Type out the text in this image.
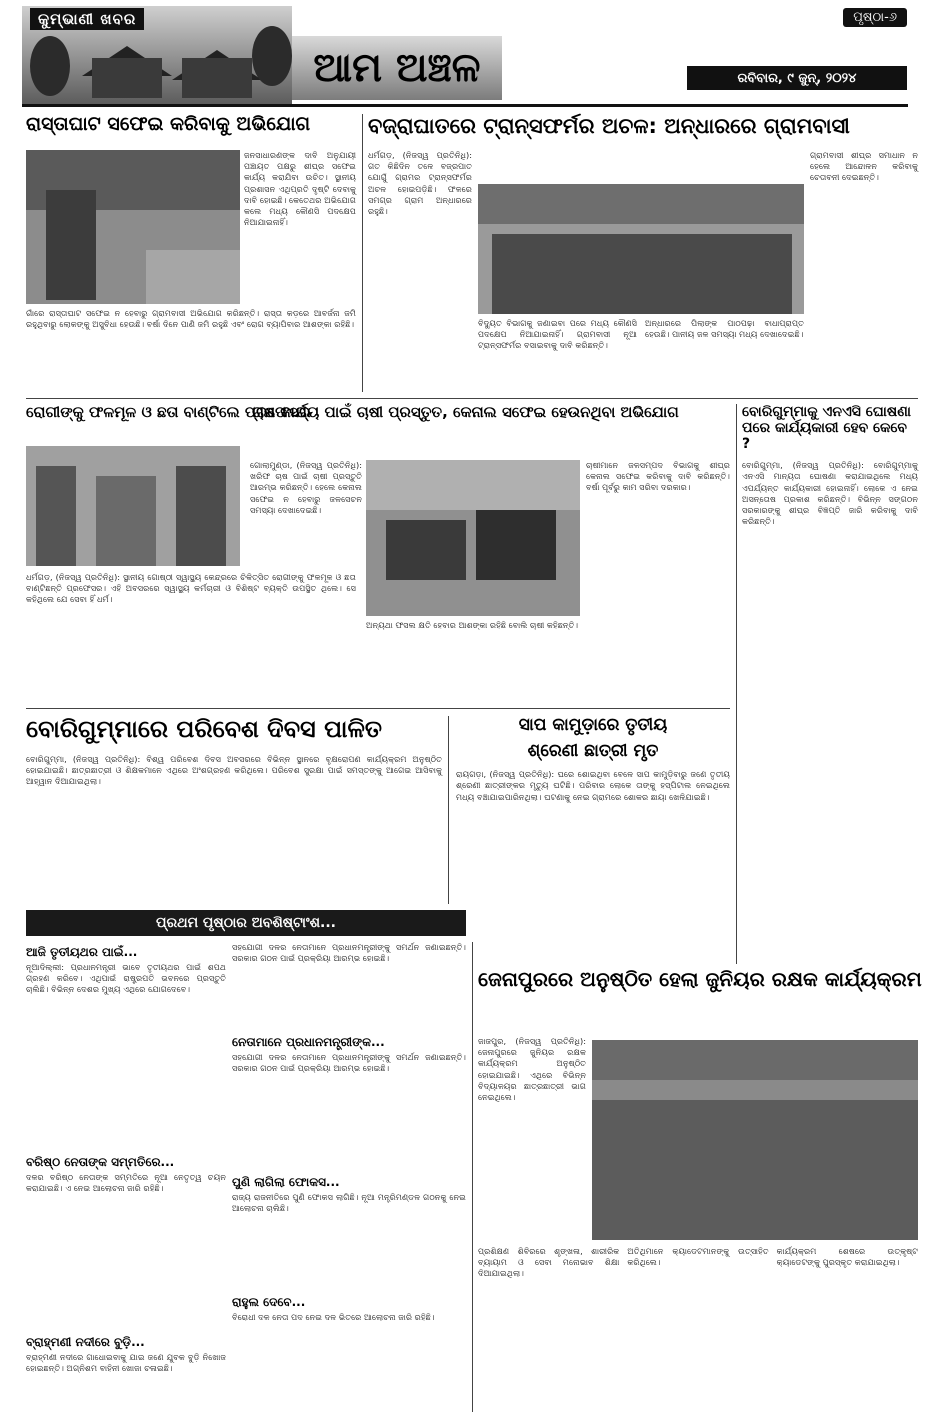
କୁମ୍ଭାଣୀ ଖବର
ଆମ ଅଞ୍ଚଳ
ପୃଷ୍ଠା-୬
ରବିବାର, ୯ ଜୁନ୍, ୨୦୨୪
ରାସ୍ତାଘାଟ ସଫେଇ କରିବାକୁ ଅଭିଯୋଗ
ଜନସାଧାରଣଙ୍କ ଦାବି ଅନୁଯାୟୀ ପଞ୍ଚାୟତ ପକ୍ଷରୁ ଶୀଘ୍ର ସଫେଇ କାର୍ଯ୍ୟ କରାଯିବା ଉଚିତ। ସ୍ଥାନୀୟ ପ୍ରଶାସନ ଏଥିପ୍ରତି ଦୃଷ୍ଟି ଦେବାକୁ ଦାବି ହୋଇଛି। କେତେଥର ଅଭିଯୋଗ କଲେ ମଧ୍ୟ କୌଣସି ପଦକ୍ଷେପ ନିଆଯାଇନାହିଁ।
ଗାଁରେ ରାସ୍ତାଘାଟ ସଫେଇ ନ ହେବାରୁ ଗ୍ରାମବାସୀ ଅଭିଯୋଗ କରିଛନ୍ତି। ରାସ୍ତା କଡ଼ରେ ଆବର୍ଜନା ଜମି ରହୁଥିବାରୁ ଲୋକଙ୍କୁ ଅସୁବିଧା ହେଉଛି। ବର୍ଷା ଦିନେ ପାଣି ଜମି ରହୁଛି ଏବଂ ରୋଗ ବ୍ୟାପିବାର ଆଶଙ୍କା ରହିଛି।
ବଜ୍ରାଘାତରେ ଟ୍ରାନ୍ସଫର୍ମର ଅଚଳ: ଅନ୍ଧାରରେ ଗ୍ରାମବାସୀ
ଧର୍ମଗଡ଼, (ନିଜସ୍ୱ ପ୍ରତିନିଧି): ଗତ କିଛିଦିନ ତଳେ ବଜ୍ରପାତ ଯୋଗୁଁ ଗ୍ରାମର ଟ୍ରାନ୍ସଫର୍ମର ଅଚଳ ହୋଇପଡ଼ିଛି। ଫଳରେ ସମଗ୍ର ଗ୍ରାମ ଅନ୍ଧାରରେ ରହୁଛି।
ଗ୍ରାମବାସୀ ଶୀଘ୍ର ସମାଧାନ ନ ହେଲେ ଆନ୍ଦୋଳନ କରିବାକୁ ଚେତାବନୀ ଦେଇଛନ୍ତି।
ବିଦ୍ୟୁତ ବିଭାଗକୁ ଜଣାଇବା ପରେ ମଧ୍ୟ କୌଣସି ପଦକ୍ଷେପ ନିଆଯାଇନାହିଁ। ଗ୍ରାମବାସୀ ନୂଆ ଟ୍ରାନ୍ସଫର୍ମର ବସାଇବାକୁ ଦାବି କରିଛନ୍ତି।
ଅନ୍ଧାରରେ ପିଲାଙ୍କ ପାଠପଢ଼ା ବାଧାପ୍ରାପ୍ତ ହେଉଛି। ପାନୀୟ ଜଳ ସମସ୍ୟା ମଧ୍ୟ ଦେଖାଦେଇଛି।
ରୋଗୀଙ୍କୁ ଫଳମୂଳ ଓ ଛତା ବାଣ୍ଟିଲେ ପ୍ରଫେସର
ଧର୍ମଗଡ଼, (ନିଜସ୍ୱ ପ୍ରତିନିଧି): ସ୍ଥାନୀୟ ଗୋଷ୍ଠୀ ସ୍ୱାସ୍ଥ୍ୟ କେନ୍ଦ୍ରରେ ଚିକିତ୍ସିତ ରୋଗୀଙ୍କୁ ଫଳମୂଳ ଓ ଛତା ବାଣ୍ଟିଛନ୍ତି ପ୍ରଫେସର। ଏହି ଅବସରରେ ସ୍ୱାସ୍ଥ୍ୟ କର୍ମଚାରୀ ଓ ବିଶିଷ୍ଟ ବ୍ୟକ୍ତି ଉପସ୍ଥିତ ଥିଲେ। ସେ କହିଥିଲେ ଯେ ସେବା ହିଁ ଧର୍ମ।
ଚାଷ କାର୍ଯ୍ୟ ପାଇଁ ଚାଷୀ ପ୍ରସ୍ତୁତ, କେନାଲ ସଫେଇ ହେଉନଥିବା ଅଭିଯୋଗ
ଗୋଲାମୁଣ୍ଡା, (ନିଜସ୍ୱ ପ୍ରତିନିଧି): ଖରିଫ ଚାଷ ପାଇଁ ଚାଷୀ ପ୍ରସ୍ତୁତି ଆରମ୍ଭ କରିଛନ୍ତି। ହେଲେ କେନାଲ ସଫେଇ ନ ହେବାରୁ ଜଳସେଚନ ସମସ୍ୟା ଦେଖାଦେଇଛି।
ଅନ୍ୟଥା ଫସଲ କ୍ଷତି ହେବାର ଆଶଙ୍କା ରହିଛି ବୋଲି ଚାଷୀ କହିଛନ୍ତି।
ଚାଷୀମାନେ ଜଳସମ୍ପଦ ବିଭାଗକୁ ଶୀଘ୍ର କେନାଲ ସଫେଇ କରିବାକୁ ଦାବି କରିଛନ୍ତି। ବର୍ଷା ପୂର୍ବରୁ କାମ ସରିବା ଦରକାର।
ବୋରିଗୁମ୍ମାକୁ ଏନଏସି ଘୋଷଣା ପରେ କାର୍ଯ୍ୟକାରୀ ହେବ କେବେ ?
ବୋରିଗୁମ୍ମା, (ନିଜସ୍ୱ ପ୍ରତିନିଧି): ବୋରିଗୁମ୍ମାକୁ ଏନଏସି ମାନ୍ୟତା ଘୋଷଣା କରାଯାଇଥିଲେ ମଧ୍ୟ ଏପର୍ଯ୍ୟନ୍ତ କାର୍ଯ୍ୟକାରୀ ହୋଇନାହିଁ। ଲୋକେ ଏ ନେଇ ଅସନ୍ତୋଷ ପ୍ରକାଶ କରିଛନ୍ତି। ବିଭିନ୍ନ ସଙ୍ଗଠନ ସରକାରଙ୍କୁ ଶୀଘ୍ର ବିଜ୍ଞପ୍ତି ଜାରି କରିବାକୁ ଦାବି କରିଛନ୍ତି।
ବୋରିଗୁମ୍ମାରେ ପରିବେଶ ଦିବସ ପାଳିତ
ବୋରିଗୁମ୍ମା, (ନିଜସ୍ୱ ପ୍ରତିନିଧି): ବିଶ୍ୱ ପରିବେଶ ଦିବସ ଅବସରରେ ବିଭିନ୍ନ ସ୍ଥାନରେ ବୃକ୍ଷରୋପଣ କାର୍ଯ୍ୟକ୍ରମ ଅନୁଷ୍ଠିତ ହୋଇଯାଇଛି। ଛାତ୍ରଛାତ୍ରୀ ଓ ଶିକ୍ଷକମାନେ ଏଥିରେ ଅଂଶଗ୍ରହଣ କରିଥିଲେ। ପରିବେଶ ସୁରକ୍ଷା ପାଇଁ ସମସ୍ତଙ୍କୁ ଆଗେଇ ଆସିବାକୁ ଆହ୍ୱାନ ଦିଆଯାଇଥିଲା।
ସାପ କାମୁଡ଼ାରେ ତୃତୀୟ
ଶ୍ରେଣୀ ଛାତ୍ରୀ ମୃତ
ରାୟଗଡ଼ା, (ନିଜସ୍ୱ ପ୍ରତିନିଧି): ଘରେ ଶୋଇଥିବା ବେଳେ ସାପ କାମୁଡ଼ିବାରୁ ଜଣେ ତୃତୀୟ ଶ୍ରେଣୀ ଛାତ୍ରୀଙ୍କର ମୃତ୍ୟୁ ଘଟିଛି। ପରିବାର ଲୋକେ ତାଙ୍କୁ ହସ୍ପିଟାଲ ନେଇଥିଲେ ମଧ୍ୟ ବଞ୍ଚାଯାଇପାରିନଥିଲା। ଘଟଣାକୁ ନେଇ ଗ୍ରାମରେ ଶୋକର ଛାୟା ଖେଳିଯାଇଛି।
ପ୍ରଥମ ପୃଷ୍ଠାର ଅବଶିଷ୍ଟାଂଶ...
ଆଜି ତୃତୀୟଥର ପାଇଁ...
ନୂଆଦିଲ୍ଲୀ: ପ୍ରଧାନମନ୍ତ୍ରୀ ଭାବେ ତୃତୀୟଥର ପାଇଁ ଶପଥ ଗ୍ରହଣ କରିବେ। ଏଥିପାଇଁ ରାଷ୍ଟ୍ରପତି ଭବନରେ ପ୍ରସ୍ତୁତି ଚାଲିଛି। ବିଭିନ୍ନ ଦେଶର ମୁଖ୍ୟ ଏଥିରେ ଯୋଗଦେବେ।
ବରିଷ୍ଠ ନେତାଙ୍କ ସମ୍ମତିରେ...
ଦଳର ବରିଷ୍ଠ ନେତାଙ୍କ ସମ୍ମତିରେ ନୂଆ ନେତୃତ୍ୱ ଚୟନ କରାଯାଇଛି। ଏ ନେଇ ଆଲୋଚନା ଜାରି ରହିଛି।
ବ୍ରାହ୍ମଣୀ ନଦୀରେ ବୁଡ଼ି...
ବ୍ରାହ୍ମଣୀ ନଦୀରେ ଗାଧୋଇବାକୁ ଯାଇ ଜଣେ ଯୁବକ ବୁଡ଼ି ନିଖୋଜ ହୋଇଛନ୍ତି। ଅଗ୍ନିଶମ ବାହିନୀ ଖୋଜା ଚଳାଇଛି।
ସହଯୋଗୀ ଦଳର ନେତାମାନେ ପ୍ରଧାନମନ୍ତ୍ରୀଙ୍କୁ ସମର୍ଥନ ଜଣାଇଛନ୍ତି। ସରକାର ଗଠନ ପାଇଁ ପ୍ରକ୍ରିୟା ଆରମ୍ଭ ହୋଇଛି।
ନେତାମାନେ ପ୍ରଧାନମନ୍ତ୍ରୀଙ୍କ...
ସହଯୋଗୀ ଦଳର ନେତାମାନେ ପ୍ରଧାନମନ୍ତ୍ରୀଙ୍କୁ ସମର୍ଥନ ଜଣାଇଛନ୍ତି। ସରକାର ଗଠନ ପାଇଁ ପ୍ରକ୍ରିୟା ଆରମ୍ଭ ହୋଇଛି।
ପୁଣି ଲାଗିଲା ଫୋକସ...
ରାଜ୍ୟ ରାଜନୀତିରେ ପୁଣି ଫୋକସ ଲାଗିଛି। ନୂଆ ମନ୍ତ୍ରିମଣ୍ଡଳ ଗଠନକୁ ନେଇ ଆଲୋଚନା ଚାଲିଛି।
ରାହୁଲ ଦେବେ...
ବିରୋଧୀ ଦଳ ନେତା ପଦ ନେଇ ଦଳ ଭିତରେ ଆଲୋଚନା ଜାରି ରହିଛି।
ଜେନାପୁରରେ ଅନୁଷ୍ଠିତ ହେଲା ଜୁନିୟର ରକ୍ଷକ କାର୍ଯ୍ୟକ୍ରମ
ଜାଜପୁର, (ନିଜସ୍ୱ ପ୍ରତିନିଧି): ଜେନାପୁରରେ ଜୁନିୟର ରକ୍ଷକ କାର୍ଯ୍ୟକ୍ରମ ଅନୁଷ୍ଠିତ ହୋଇଯାଇଛି। ଏଥିରେ ବିଭିନ୍ନ ବିଦ୍ୟାଳୟର ଛାତ୍ରଛାତ୍ରୀ ଭାଗ ନେଇଥିଲେ।
ପ୍ରଶିକ୍ଷଣ ଶିବିରରେ ଶୃଙ୍ଖଳା, ଶାରୀରିକ ବ୍ୟାୟାମ ଓ ସେବା ମନୋଭାବ ଶିକ୍ଷା ଦିଆଯାଇଥିଲା।
ଅତିଥିମାନେ କ୍ୟାଡେଟମାନଙ୍କୁ ଉତ୍ସାହିତ କରିଥିଲେ।
କାର୍ଯ୍ୟକ୍ରମ ଶେଷରେ ଉତ୍କୃଷ୍ଟ କ୍ୟାଡେଟଙ୍କୁ ପୁରସ୍କୃତ କରାଯାଇଥିଲା।
